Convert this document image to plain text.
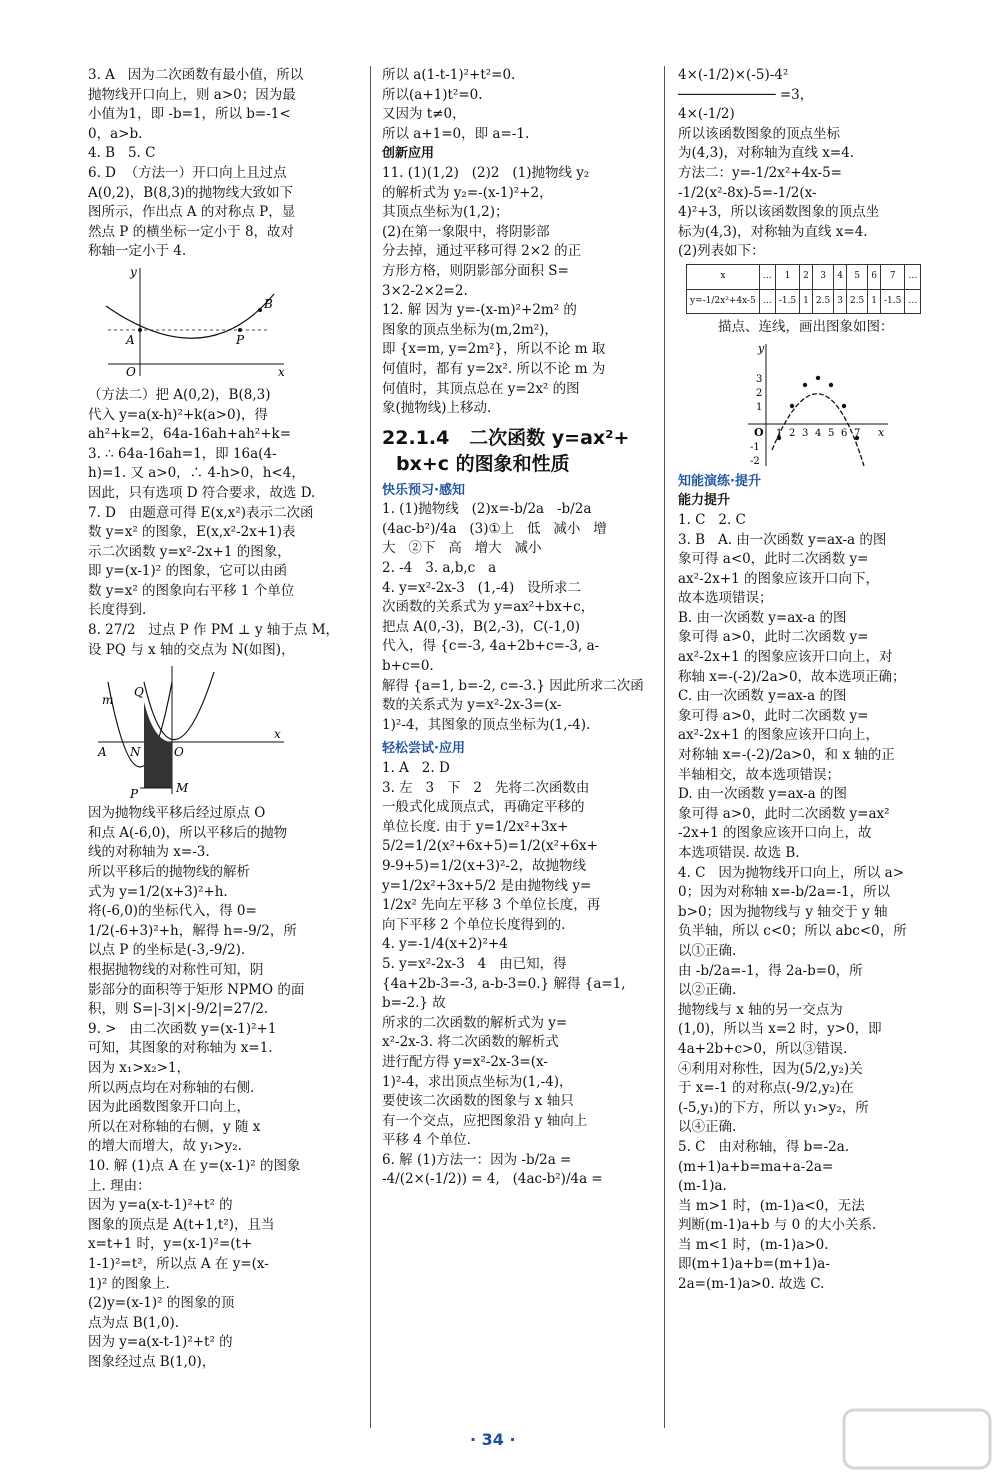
3. A   因为二次函数有最小值，所以

抛物线开口向上，则 a>0；因为最

小值为1，即 -b=1，所以 b=-1<

0，a>b.

4. B   5. C

6. D  （方法一）开口向上且过点

A(0,2)，B(8,3)的抛物线大致如下

图所示，作出点 A 的对称点 P，显

然点 P 的横坐标一定小于 8，故对

称轴一定小于 4.

y
B
A	P
O	x

（方法二）把 A(0,2)，B(8,3)

代入 y=a(x-h)²+k(a>0)，得

ah²+k=2，64a-16ah+ah²+k=

3. ∴ 64a-16ah=1，即 16a(4-

h)=1. 又 a>0，∴ 4-h>0，h<4，

因此，只有选项 D 符合要求，故选 D.

7. D   由题意可得 E(x,x²)表示二次函

数 y=x² 的图象，E(x,x²-2x+1)表

示二次函数 y=x²-2x+1 的图象，

即 y=(x-1)² 的图象，它可以由函

数 y=x² 的图象向右平移 1 个单位

长度得到.

8. 27/2   过点 P 作 PM ⊥ y 轴于点 M，

设 PQ 与 x 轴的交点为 N(如图)，

m
Q
A N	O
x
P	M

因为抛物线平移后经过原点 O

和点 A(-6,0)，所以平移后的抛物

线的对称轴为 x=-3.

所以平移后的抛物线的解析

式为 y=1/2(x+3)²+h.

将(-6,0)的坐标代入，得 0=

1/2(-6+3)²+h，解得 h=-9/2，所

以点 P 的坐标是(-3,-9/2).

根据抛物线的对称性可知，阴

影部分的面积等于矩形 NPMO 的面

积，则 S=|-3|×|-9/2|=27/2.

9. >   由二次函数 y=(x-1)²+1

可知，其图象的对称轴为 x=1.

因为 x₁>x₂>1，

所以两点均在对称轴的右侧.

因为此函数图象开口向上，

所以在对称轴的右侧，y 随 x

的增大而增大，故 y₁>y₂.

10. 解 (1)点 A 在 y=(x-1)² 的图象

上. 理由：

因为 y=a(x-t-1)²+t² 的

图象的顶点是 A(t+1,t²)，且当

x=t+1 时，y=(x-1)²=(t+

1-1)²=t²，所以点 A 在 y=(x-

1)² 的图象上.

(2)y=(x-1)² 的图象的顶

点为点 B(1,0).

因为 y=a(x-t-1)²+t² 的

图象经过点 B(1,0)，

所以 a(1-t-1)²+t²=0.

所以(a+1)t²=0.

又因为 t≠0，

所以 a+1=0，即 a=-1.

创新应用

11. (1)(1,2)   (2)2   (1)抛物线 y₂

的解析式为 y₂=-(x-1)²+2，

其顶点坐标为(1,2)；

(2)在第一象限中，将阴影部

分去掉，通过平移可得 2×2 的正

方形方格，则阴影部分面积 S=

3×2-2×2=2.

12. 解 因为 y=-(x-m)²+2m² 的

图象的顶点坐标为(m,2m²)，

即 {x=m, y=2m²}，所以不论 m 取

何值时，都有 y=2x². 所以不论 m 为

何值时，其顶点总在 y=2x² 的图

象(抛物线)上移动.

22.1.4   二次函数 y=ax²+

bx+c 的图象和性质

快乐预习·感知

1. (1)抛物线   (2)x=-b/2a   -b/2a

(4ac-b²)/4a   (3)①上   低   减小   增

大   ②下   高   增大   减小

2. -4   3. a,b,c   a

4. y=x²-2x-3   (1,-4)   设所求二

次函数的关系式为 y=ax²+bx+c，

把点 A(0,-3)，B(2,-3)，C(-1,0)

代入，得 {c=-3, 4a+2b+c=-3, a-b+c=0.

解得 {a=1, b=-2, c=-3.} 因此所求二次函

数的关系式为 y=x²-2x-3=(x-

1)²-4，其图象的顶点坐标为(1,-4).

轻松尝试·应用

1. A   2. D

3. 左   3   下   2   先将二次函数由

一般式化成顶点式，再确定平移的

单位长度. 由于 y=1/2x²+3x+

5/2=1/2(x²+6x+5)=1/2(x²+6x+

9-9+5)=1/2(x+3)²-2，故抛物线

y=1/2x²+3x+5/2 是由抛物线 y=

1/2x² 先向左平移 3 个单位长度，再

向下平移 2 个单位长度得到的.

4. y=-1/4(x+2)²+4

5. y=x²-2x-3   4   由已知，得

{4a+2b-3=-3, a-b-3=0.} 解得 {a=1, b=-2.} 故

所求的二次函数的解析式为 y=

x²-2x-3. 将二次函数的解析式

进行配方得 y=x²-2x-3=(x-

1)²-4，求出顶点坐标为(1,-4)，

要使该二次函数的图象与 x 轴只

有一个交点，应把图象沿 y 轴向上

平移 4 个单位.

6. 解 (1)方法一：因为 -b/2a =

-4/(2×(-1/2)) = 4,   (4ac-b²)/4a =

4×(-1/2)×(-5)-4²

──────────── =3，

4×(-1/2)

所以该函数图象的顶点坐标

为(4,3)，对称轴为直线 x=4.

方法二：y=-1/2x²+4x-5=

-1/2(x²-8x)-5=-1/2(x-

4)²+3，所以该函数图象的顶点坐

标为(4,3)，对称轴为直线 x=4.

(2)列表如下：

x	…	1	2	3	4	5	6	7	…
y=-1/2x²+4x-5	…	-1.5	1	2.5	3	2.5	1	-1.5	…

描点、连线，画出图象如图：

y
3
2
1
O
-1
-2
1 2 3 4 5 6 7 x

知能演练·提升

能力提升

1. C   2. C

3. B   A. 由一次函数 y=ax-a 的图

象可得 a<0，此时二次函数 y=

ax²-2x+1 的图象应该开口向下，

故本选项错误；

B. 由一次函数 y=ax-a 的图

象可得 a>0，此时二次函数 y=

ax²-2x+1 的图象应该开口向上，对

称轴 x=-(-2)/2a>0，故本选项正确；

C. 由一次函数 y=ax-a 的图

象可得 a>0，此时二次函数 y=

ax²-2x+1 的图象应该开口向上，

对称轴 x=-(-2)/2a>0，和 x 轴的正

半轴相交，故本选项错误；

D. 由一次函数 y=ax-a 的图

象可得 a>0，此时二次函数 y=ax²

-2x+1 的图象应该开口向上，故

本选项错误. 故选 B.

4. C   因为抛物线开口向上，所以 a>

0；因为对称轴 x=-b/2a=-1，所以

b>0；因为抛物线与 y 轴交于 y 轴

负半轴，所以 c<0；所以 abc<0，所

以①正确.

由 -b/2a=-1，得 2a-b=0，所

以②正确.

抛物线与 x 轴的另一交点为

(1,0)，所以当 x=2 时，y>0，即

4a+2b+c>0，所以③错误.

④利用对称性，因为(5/2,y₂)关

于 x=-1 的对称点(-9/2,y₂)在

(-5,y₁)的下方，所以 y₁>y₂，所

以④正确.

5. C   由对称轴，得 b=-2a.

(m+1)a+b=ma+a-2a=

(m-1)a.

当 m>1 时，(m-1)a<0，无法

判断(m-1)a+b 与 0 的大小关系.

当 m<1 时，(m-1)a>0.

即(m+1)a+b=(m+1)a-

2a=(m-1)a>0. 故选 C.

· 34 ·
